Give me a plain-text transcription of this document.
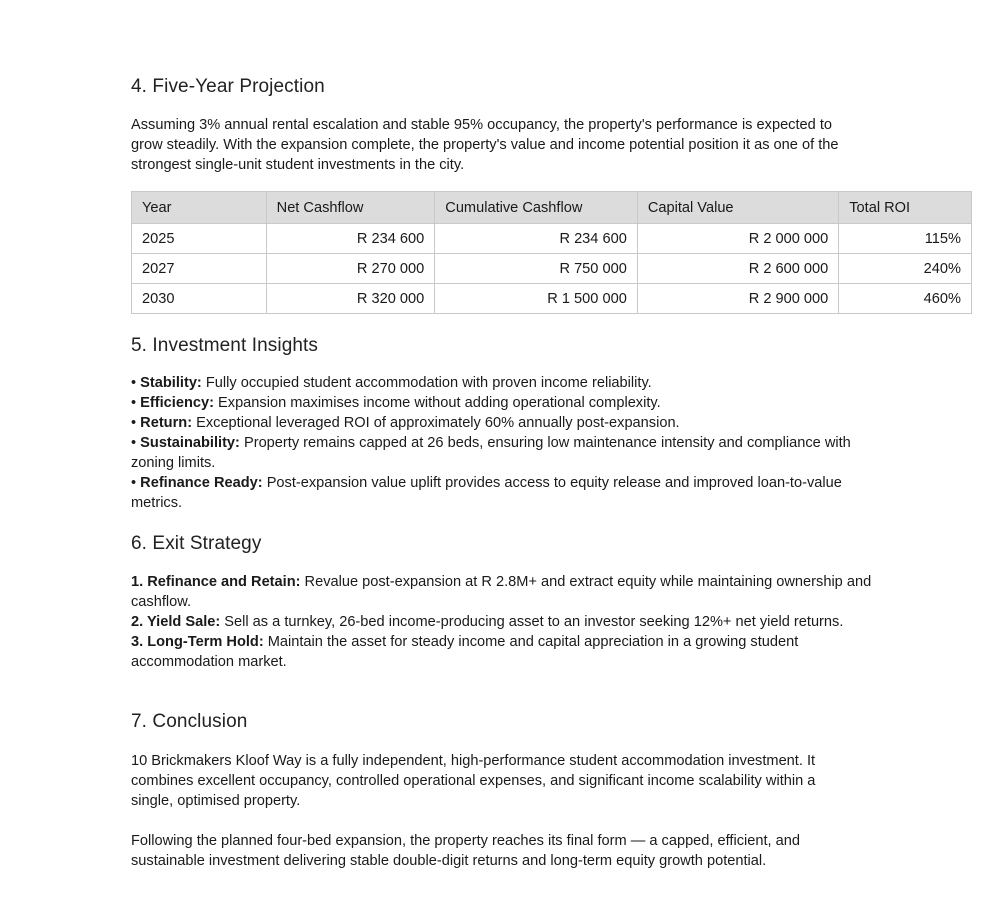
4. Five-Year Projection

Assuming 3% annual rental escalation and stable 95% occupancy, the property's performance is expected to grow steadily. With the expansion complete, the property's value and income potential position it as one of the strongest single-unit student investments in the city.

Year	Net Cashflow	Cumulative Cashflow	Capital Value	Total ROI
2025	R 234 600	R 234 600	R 2 000 000	115%
2027	R 270 000	R 750 000	R 2 600 000	240%
2030	R 320 000	R 1 500 000	R 2 900 000	460%
5. Investment Insights
• Stability: Fully occupied student accommodation with proven income reliability.
• Efficiency: Expansion maximises income without adding operational complexity.
• Return: Exceptional leveraged ROI of approximately 60% annually post-expansion.
• Sustainability: Property remains capped at 26 beds, ensuring low maintenance intensity and compliance with zoning limits.
• Refinance Ready: Post-expansion value uplift provides access to equity release and improved loan-to-value metrics.
6. Exit Strategy
1. Refinance and Retain: Revalue post-expansion at R 2.8M+ and extract equity while maintaining ownership and cashflow.
2. Yield Sale: Sell as a turnkey, 26-bed income-producing asset to an investor seeking 12%+ net yield returns.
3. Long-Term Hold: Maintain the asset for steady income and capital appreciation in a growing student accommodation market.
7. Conclusion

10 Brickmakers Kloof Way is a fully independent, high-performance student accommodation investment. It combines excellent occupancy, controlled operational expenses, and significant income scalability within a single, optimised property.

Following the planned four-bed expansion, the property reaches its final form — a capped, efficient, and sustainable investment delivering stable double-digit returns and long-term equity growth potential.
